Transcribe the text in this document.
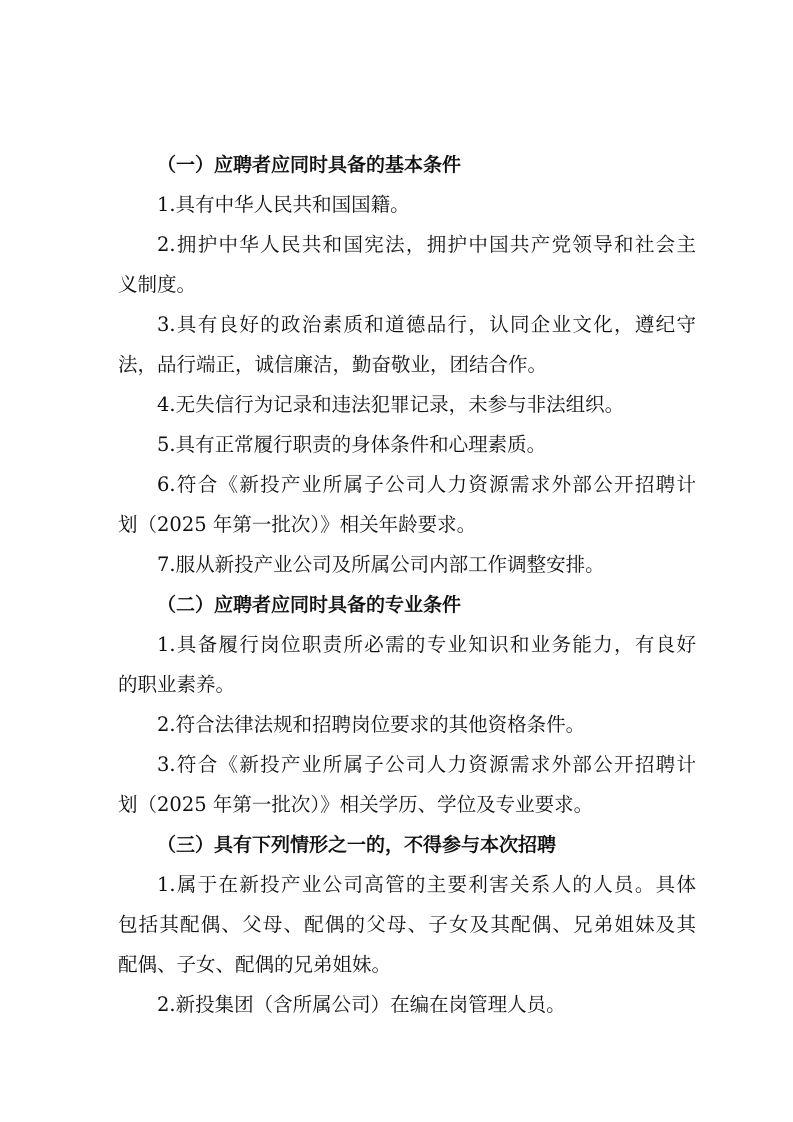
（一）应聘者应同时具备的基本条件
1.具有中华人民共和国国籍。
2.拥护中华人民共和国宪法，拥护中国共产党领导和社会主
义制度。
3.具有良好的政治素质和道德品行，认同企业文化，遵纪守
法，品行端正，诚信廉洁，勤奋敬业，团结合作。
4.无失信行为记录和违法犯罪记录，未参与非法组织。
5.具有正常履行职责的身体条件和心理素质。
6.符合《新投产业所属子公司人力资源需求外部公开招聘计
划（2025 年第一批次）》相关年龄要求。
7.服从新投产业公司及所属公司内部工作调整安排。
（二）应聘者应同时具备的专业条件
1.具备履行岗位职责所必需的专业知识和业务能力，有良好
的职业素养。
2.符合法律法规和招聘岗位要求的其他资格条件。
3.符合《新投产业所属子公司人力资源需求外部公开招聘计
划（2025 年第一批次）》相关学历、学位及专业要求。
（三）具有下列情形之一的，不得参与本次招聘
1.属于在新投产业公司高管的主要利害关系人的人员。具体
包括其配偶、父母、配偶的父母、子女及其配偶、兄弟姐妹及其
配偶、子女、配偶的兄弟姐妹。
2.新投集团（含所属公司）在编在岗管理人员。
